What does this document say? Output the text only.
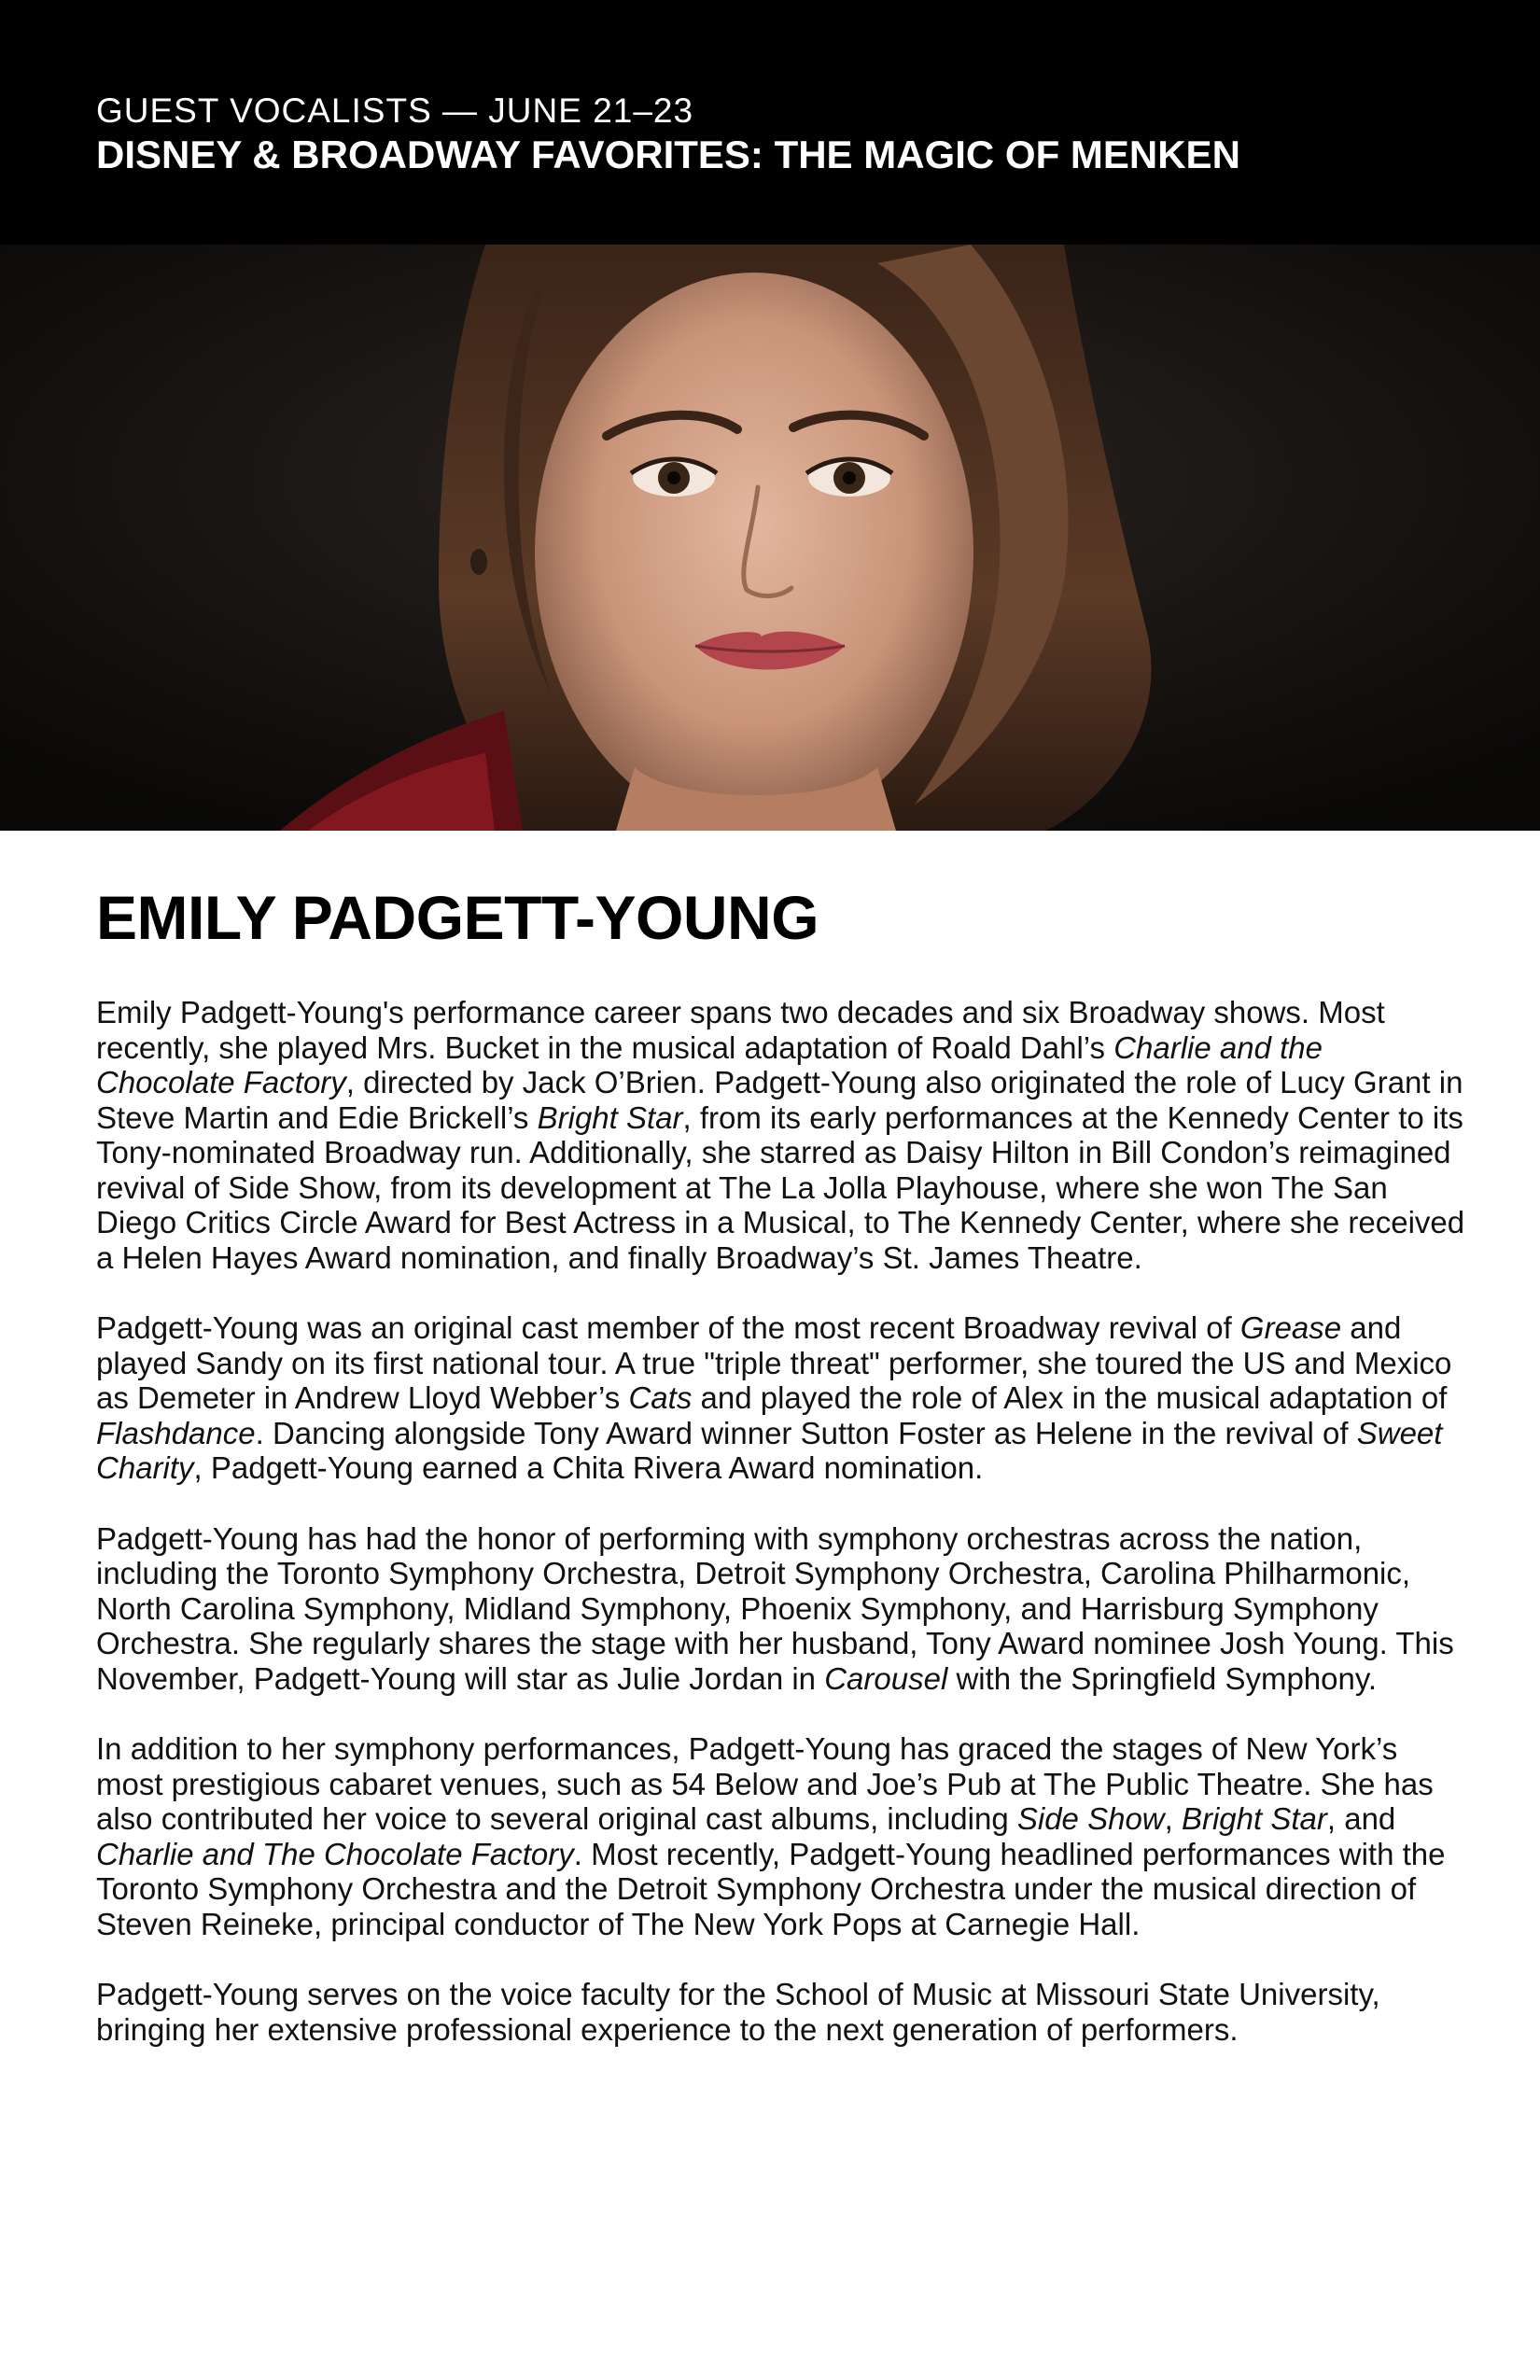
GUEST VOCALISTS — JUNE 21–23
DISNEY & BROADWAY FAVORITES: THE MAGIC OF MENKEN
EMILY PADGETT-YOUNG

Emily Padgett-Young's performance career spans two decades and six Broadway shows. Most recently, she played Mrs. Bucket in the musical adaptation of Roald Dahl’s Charlie and the Chocolate Factory, directed by Jack O’Brien. Padgett-Young also originated the role of Lucy Grant in Steve Martin and Edie Brickell’s Bright Star, from its early performances at the Kennedy Center to its Tony-nominated Broadway run. Additionally, she starred as Daisy Hilton in Bill Condon’s reimagined revival of Side Show, from its development at The La Jolla Playhouse, where she won The San Diego Critics Circle Award for Best Actress in a Musical, to The Kennedy Center, where she received a Helen Hayes Award nomination, and finally Broadway’s St. James Theatre.

Padgett-Young was an original cast member of the most recent Broadway revival of Grease and played Sandy on its first national tour. A true "triple threat" performer, she toured the US and Mexico as Demeter in Andrew Lloyd Webber’s Cats and played the role of Alex in the musical adaptation of Flashdance. Dancing alongside Tony Award winner Sutton Foster as Helene in the revival of Sweet Charity, Padgett-Young earned a Chita Rivera Award nomination.

Padgett-Young has had the honor of performing with symphony orchestras across the nation, including the Toronto Symphony Orchestra, Detroit Symphony Orchestra, Carolina Philharmonic, North Carolina Symphony, Midland Symphony, Phoenix Symphony, and Harrisburg Symphony Orchestra. She regularly shares the stage with her husband, Tony Award nominee Josh Young. This November, Padgett-Young will star as Julie Jordan in Carousel with the Springfield Symphony.

In addition to her symphony performances, Padgett-Young has graced the stages of New York’s most prestigious cabaret venues, such as 54 Below and Joe’s Pub at The Public Theatre. She has also contributed her voice to several original cast albums, including Side Show, Bright Star, and Charlie and The Chocolate Factory. Most recently, Padgett-Young headlined performances with the Toronto Symphony Orchestra and the Detroit Symphony Orchestra under the musical direction of Steven Reineke, principal conductor of The New York Pops at Carnegie Hall.

Padgett-Young serves on the voice faculty for the School of Music at Missouri State University, bringing her extensive professional experience to the next generation of performers.
